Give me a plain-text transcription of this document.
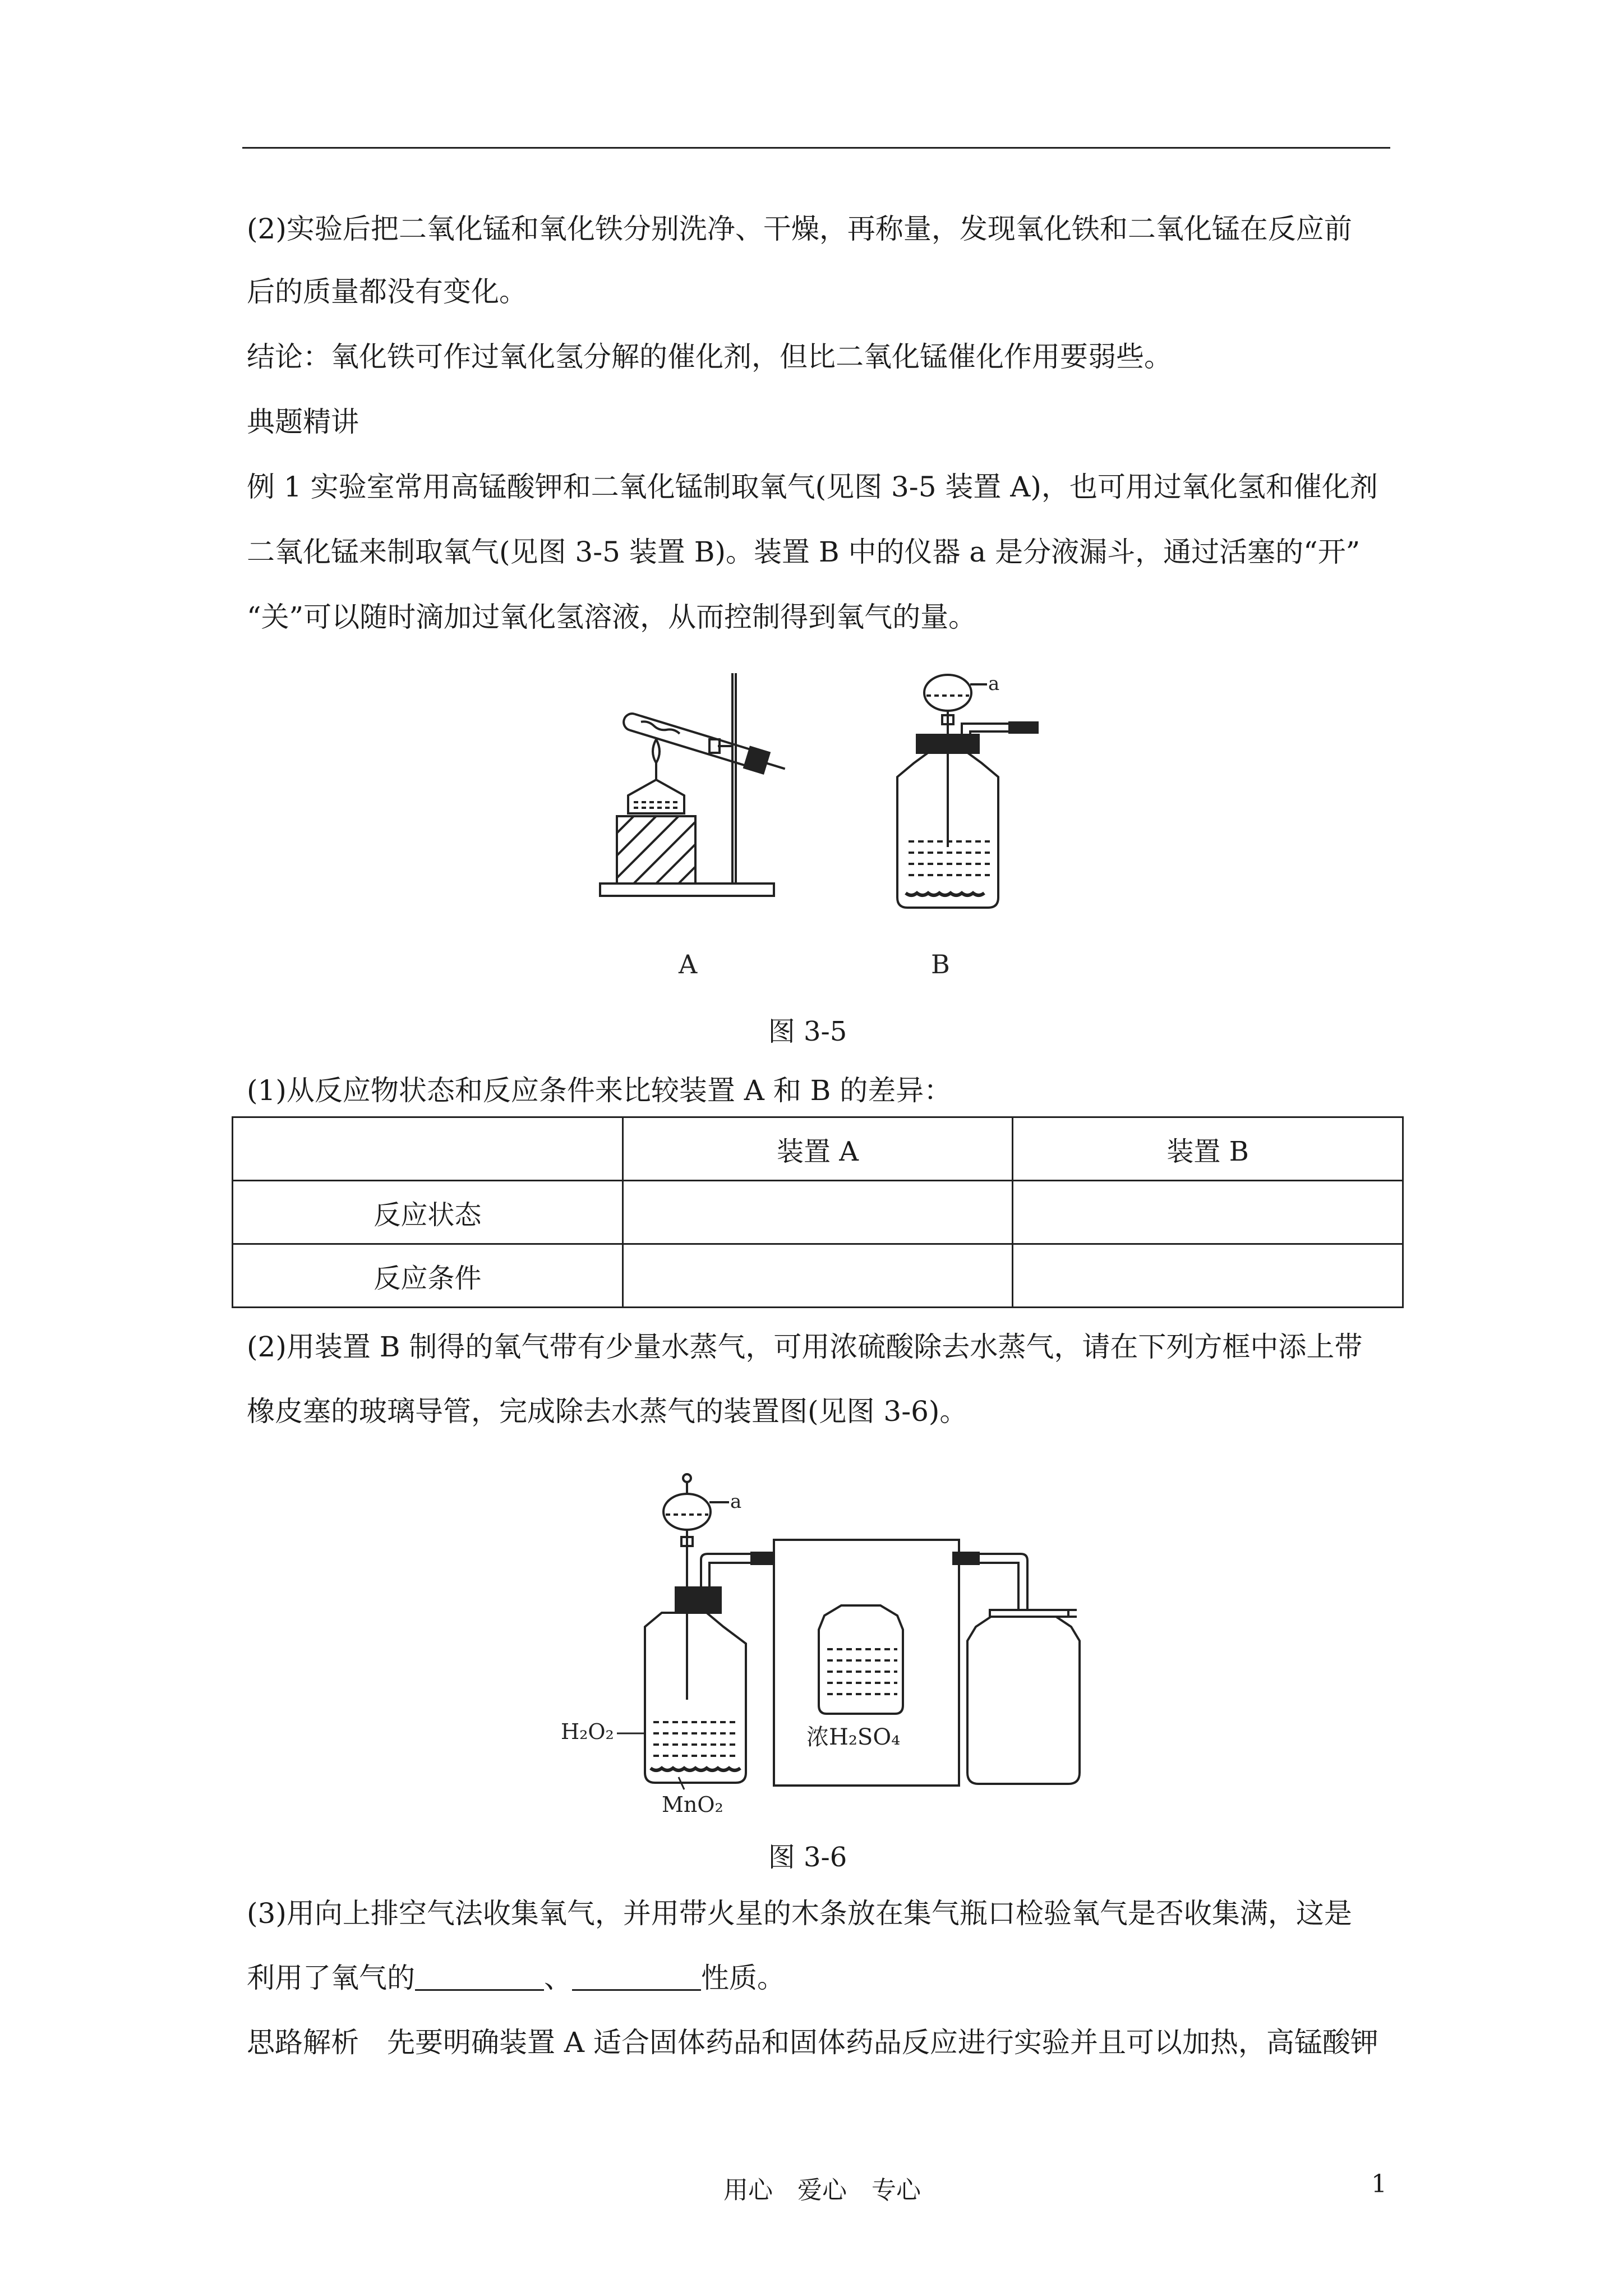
(2)实验后把二氧化锰和氧化铁分别洗净、干燥，再称量，发现氧化铁和二氧化锰在反应前

后的质量都没有变化。

结论：氧化铁可作过氧化氢分解的催化剂，但比二氧化锰催化作用要弱些。

典题精讲

例 1 实验室常用高锰酸钾和二氧化锰制取氧气(见图 3-5 装置 A)，也可用过氧化氢和催化剂

二氧化锰来制取氧气(见图 3-5 装置 B)。装置 B 中的仪器 a 是分液漏斗，通过活塞的“开”

“关”可以随时滴加过氧化氢溶液，从而控制得到氧气的量。

a
A	B
图 3-5

(1)从反应物状态和反应条件来比较装置 A 和 B 的差异：

	装置 A	装置 B
反应状态		
反应条件		

(2)用装置 B 制得的氧气带有少量水蒸气，可用浓硫酸除去水蒸气，请在下列方框中添上带

橡皮塞的玻璃导管，完成除去水蒸气的装置图(见图 3-6)。

a
H₂O₂
MnO₂
浓H₂SO₄
图 3-6

(3)用向上排空气法收集氧气，并用带火星的木条放在集气瓶口检验氧气是否收集满，这是

利用了氧气的	、	性质。

思路解析　先要明确装置 A 适合固体药品和固体药品反应进行实验并且可以加热，高锰酸钾

用心　爱心　专心	1
